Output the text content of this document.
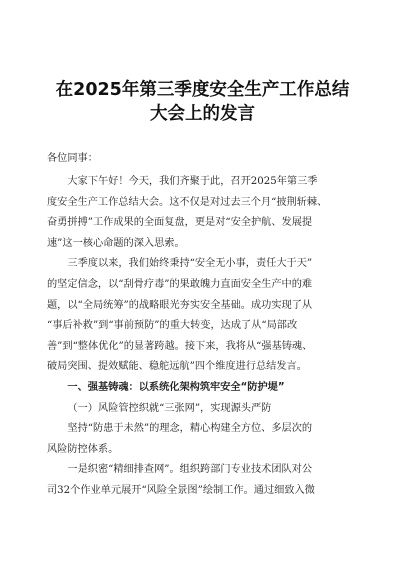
在2025年第三季度安全生产工作总结
大会上的发言

各位同事：

大家下午好！今天，我们齐聚于此，召开2025年第三季
度安全生产工作总结大会。这不仅是对过去三个月“披荆斩棘、
奋勇拼搏”工作成果的全面复盘，更是对“安全护航、发展提
速”这一核心命题的深入思索。

三季度以来，我们始终秉持“安全无小事，责任大于天”
的坚定信念，以“刮骨疗毒”的果敢魄力直面安全生产中的难
题，以“全局统筹”的战略眼光夯实安全基础。成功实现了从
“事后补救”到“事前预防”的重大转变，达成了从“局部改
善”到“整体优化”的显著跨越。接下来，我将从“强基铸魂、
破局突围、提效赋能、稳舵远航”四个维度进行总结发言。

一、强基铸魂：以系统化架构筑牢安全“防护堤”

（一）风险管控织就“三张网”，实现源头严防

坚持“防患于未然”的理念，精心构建全方位、多层次的
风险防控体系。

一是织密“精细排查网”。组织跨部门专业技术团队对公
司32个作业单元展开“风险全景图”绘制工作。通过细致入微
